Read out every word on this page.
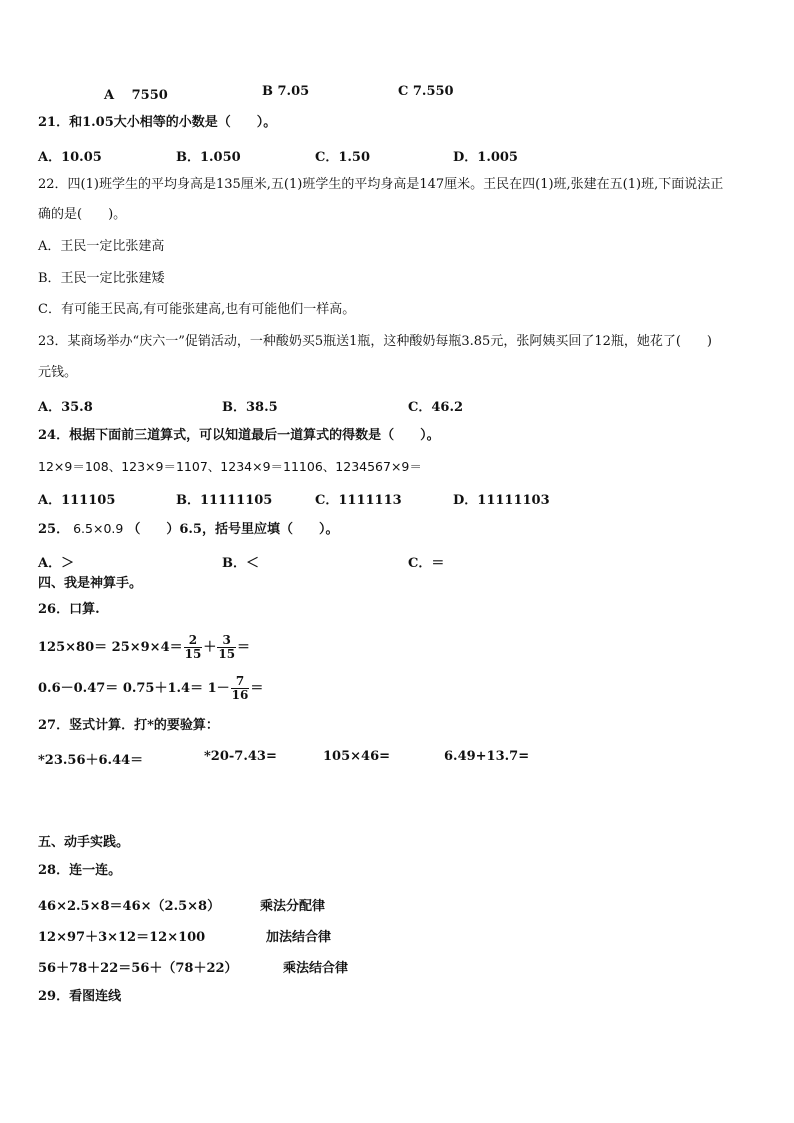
A　 7550	B 7.05	C 7.550
21．和1.05大小相等的小数是（　　）。
A．10.05	B．1.050	C．1.50	D．1.005
22．四(1)班学生的平均身高是135厘米,五(1)班学生的平均身高是147厘米。王民在四(1)班,张建在五(1)班,下面说法正
确的是(　　)。
A．王民一定比张建高
B．王民一定比张建矮
C．有可能王民高,有可能张建高,也有可能他们一样高。
23．某商场举办“庆六一”促销活动，一种酸奶买5瓶送1瓶，这种酸奶每瓶3.85元，张阿姨买回了12瓶，她花了(　　)
元钱。
A．35.8	B．38.5	C．46.2
24．根据下面前三道算式，可以知道最后一道算式的得数是（　　）。
12×9＝108、123×9＝1107、1234×9＝11106、1234567×9＝
A．111105	B．11111105	C．1111113	D．11111103
25． 6.5×0.9 （　　）6.5，括号里应填（　　）。
A．＞	B．＜	C．＝
四、我是神算手。
26．口算.
$125\times 80= 25\times 9\times 4= \frac{2}{15} + \frac{3}{15}$ ＝
$0.6-0.47= 0.75+1.4= 1- \frac{7}{16}$ ＝
27．竖式计算．打*的要验算：
*23.56＋6.44＝	*20-7.43=	105×46=	6.49+13.7=
五、动手实践。
28．连一连。
46×2.5×8＝46×（2.5×8）	乘法分配律
12×97＋3×12＝12×100	加法结合律
56＋78＋22＝56＋（78＋22）	乘法结合律
29．看图连线
